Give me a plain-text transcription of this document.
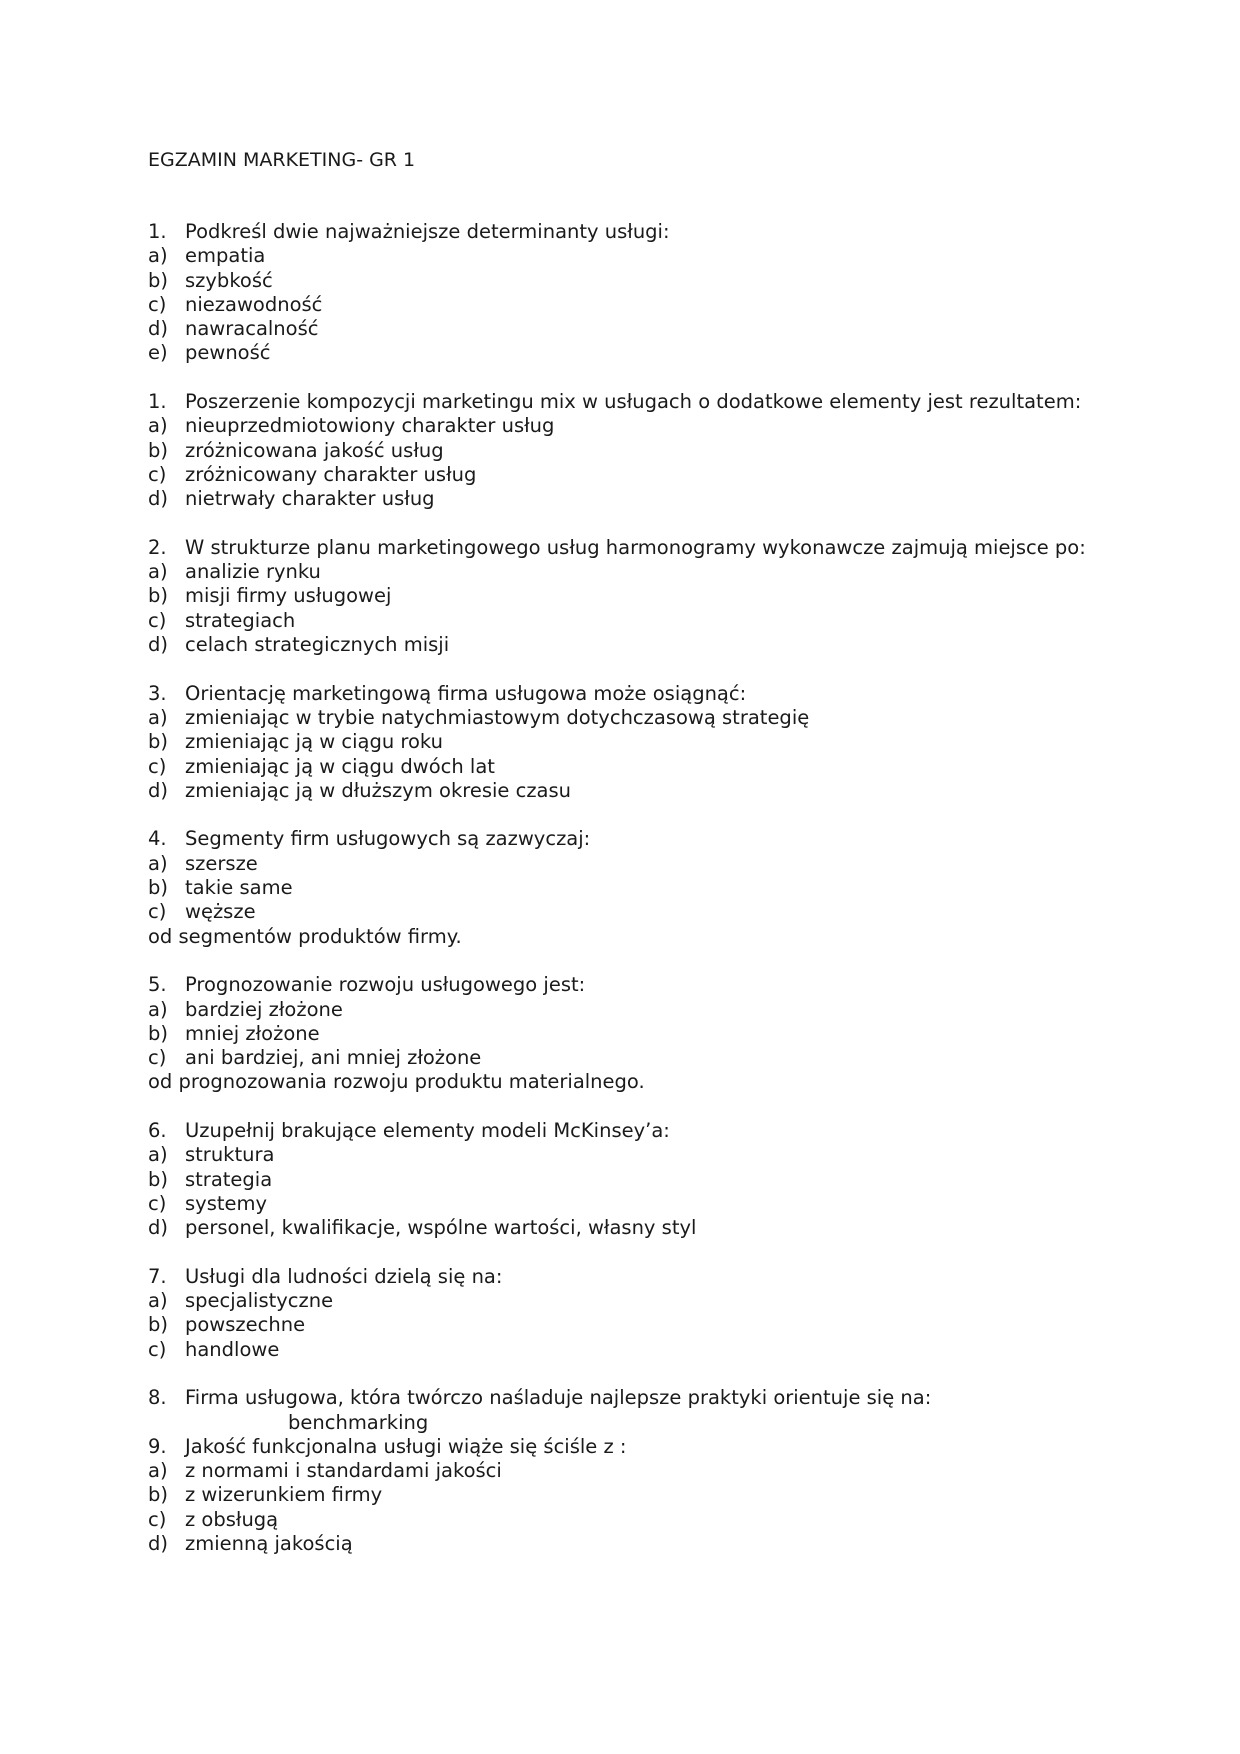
EGZAMIN MARKETING- GR 1
1. Podkreśl dwie najważniejsze determinanty usługi:
a) empatia
b) szybkość
c) niezawodność
d) nawracalność
e) pewność
1. Poszerzenie kompozycji marketingu mix w usługach o dodatkowe elementy jest rezultatem:
a) nieuprzedmiotowiony charakter usług
b) zróżnicowana jakość usług
c) zróżnicowany charakter usług
d) nietrwały charakter usług
2. W strukturze planu marketingowego usług harmonogramy wykonawcze zajmują miejsce po:
a) analizie rynku
b) misji firmy usługowej
c) strategiach
d) celach strategicznych misji
3. Orientację marketingową firma usługowa może osiągnąć:
a) zmieniając w trybie natychmiastowym dotychczasową strategię
b) zmieniając ją w ciągu roku
c) zmieniając ją w ciągu dwóch lat
d) zmieniając ją w dłuższym okresie czasu
4. Segmenty firm usługowych są zazwyczaj:
a) szersze
b) takie same
c) węższe
od segmentów produktów firmy.
5. Prognozowanie rozwoju usługowego jest:
a) bardziej złożone
b) mniej złożone
c) ani bardziej, ani mniej złożone
od prognozowania rozwoju produktu materialnego.
6. Uzupełnij brakujące elementy modeli McKinsey’a:
a) struktura
b) strategia
c) systemy
d) personel, kwalifikacje, wspólne wartości, własny styl
7. Usługi dla ludności dzielą się na:
a) specjalistyczne
b) powszechne
c) handlowe
8. Firma usługowa, która twórczo naśladuje najlepsze praktyki orientuje się na:
benchmarking
9. Jakość funkcjonalna usługi wiąże się ściśle z :
a) z normami i standardami jakości
b) z wizerunkiem firmy
c) z obsługą
d) zmienną jakością
